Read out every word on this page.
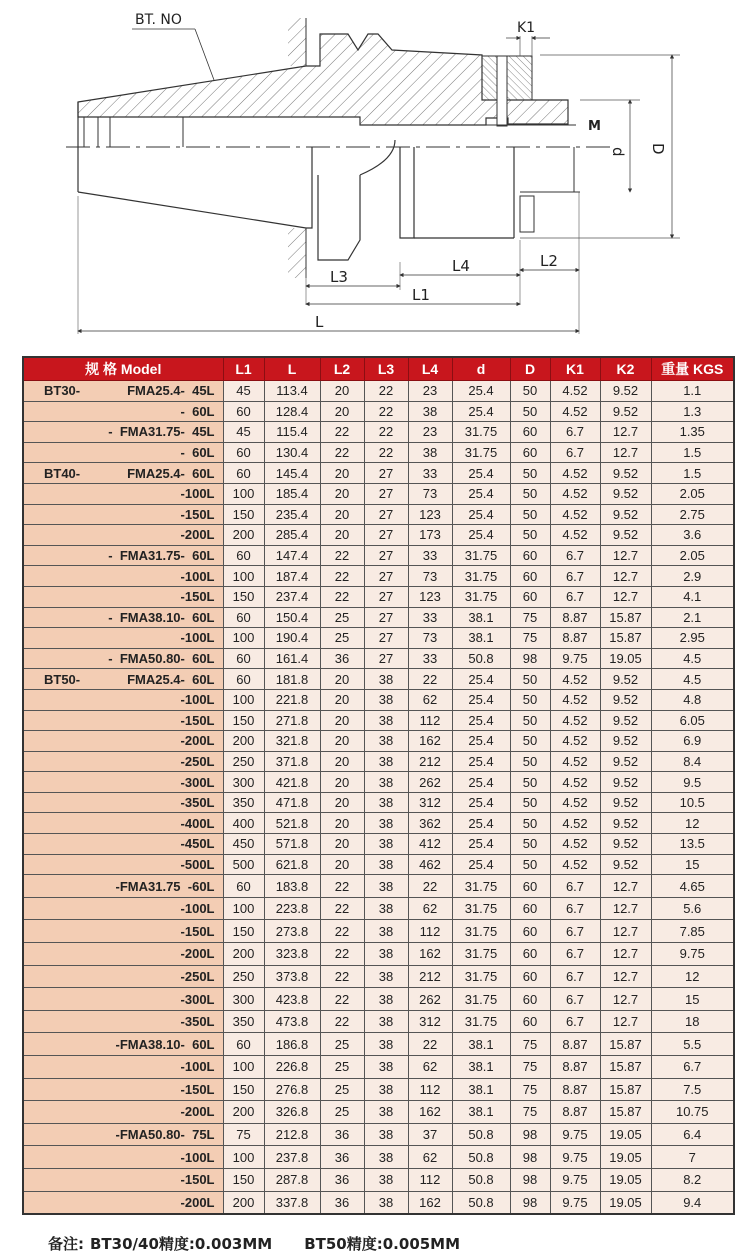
BT. NO	K1
M
d D
L3
L4	L2
L1
L
规 格 Model	L1	L	L2	L3	L4	d	D	K1	K2	重量 KGS

BT30- FMA25.4-  45L	45	113.4	20	22	23	25.4	50	4.52	9.52	1.1
-  60L	60	128.4	20	22	38	25.4	50	4.52	9.52	1.3
-  FMA31.75-  45L	45	115.4	22	22	23	31.75	60	6.7	12.7	1.35
-  60L	60	130.4	22	22	38	31.75	60	6.7	12.7	1.5

BT40- FMA25.4-  60L	60	145.4	20	27	33	25.4	50	4.52	9.52	1.5
-100L	100	185.4	20	27	73	25.4	50	4.52	9.52	2.05
-150L	150	235.4	20	27	123	25.4	50	4.52	9.52	2.75
-200L	200	285.4	20	27	173	25.4	50	4.52	9.52	3.6
-  FMA31.75-  60L	60	147.4	22	27	33	31.75	60	6.7	12.7	2.05
-100L	100	187.4	22	27	73	31.75	60	6.7	12.7	2.9
-150L	150	237.4	22	27	123	31.75	60	6.7	12.7	4.1
-  FMA38.10-  60L	60	150.4	25	27	33	38.1	75	8.87	15.87	2.1
-100L	100	190.4	25	27	73	38.1	75	8.87	15.87	2.95
-  FMA50.80-  60L	60	161.4	36	27	33	50.8	98	9.75	19.05	4.5

BT50- FMA25.4-  60L	60	181.8	20	38	22	25.4	50	4.52	9.52	4.5
-100L	100	221.8	20	38	62	25.4	50	4.52	9.52	4.8
-150L	150	271.8	20	38	112	25.4	50	4.52	9.52	6.05
-200L	200	321.8	20	38	162	25.4	50	4.52	9.52	6.9
-250L	250	371.8	20	38	212	25.4	50	4.52	9.52	8.4
-300L	300	421.8	20	38	262	25.4	50	4.52	9.52	9.5
-350L	350	471.8	20	38	312	25.4	50	4.52	9.52	10.5
-400L	400	521.8	20	38	362	25.4	50	4.52	9.52	12
-450L	450	571.8	20	38	412	25.4	50	4.52	9.52	13.5
-500L	500	621.8	20	38	462	25.4	50	4.52	9.52	15
-FMA31.75  -60L	60	183.8	22	38	22	31.75	60	6.7	12.7	4.65
-100L	100	223.8	22	38	62	31.75	60	6.7	12.7	5.6
-150L	150	273.8	22	38	112	31.75	60	6.7	12.7	7.85
-200L	200	323.8	22	38	162	31.75	60	6.7	12.7	9.75
-250L	250	373.8	22	38	212	31.75	60	6.7	12.7	12
-300L	300	423.8	22	38	262	31.75	60	6.7	12.7	15
-350L	350	473.8	22	38	312	31.75	60	6.7	12.7	18
-FMA38.10-  60L	60	186.8	25	38	22	38.1	75	8.87	15.87	5.5
-100L	100	226.8	25	38	62	38.1	75	8.87	15.87	6.7
-150L	150	276.8	25	38	112	38.1	75	8.87	15.87	7.5
-200L	200	326.8	25	38	162	38.1	75	8.87	15.87	10.75
-FMA50.80-  75L	75	212.8	36	38	37	50.8	98	9.75	19.05	6.4
-100L	100	237.8	36	38	62	50.8	98	9.75	19.05	7
-150L	150	287.8	36	38	112	50.8	98	9.75	19.05	8.2
-200L	200	337.8	36	38	162	50.8	98	9.75	19.05	9.4
备注: BT30/40精度:0.003MM BT50精度:0.005MM
